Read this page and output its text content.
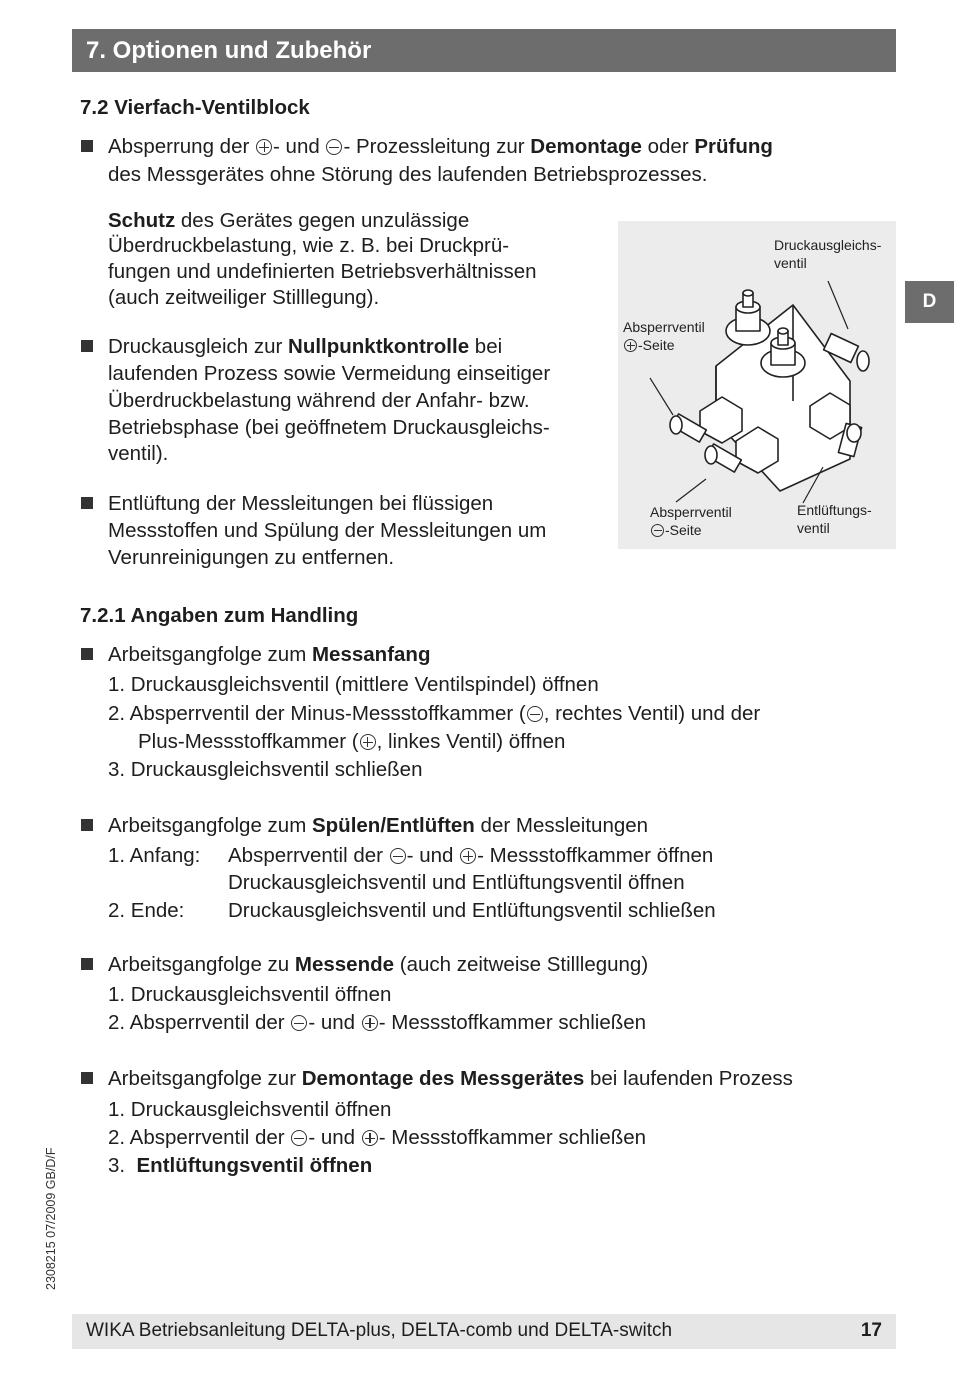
7. Optionen und Zubehör
D
2308215 07/2009 GB/D/F
7.2 Vierfach-Ventilblock
Absperrung der - und - Prozessleitung zur Demontage oder Prüfung
des Messgerätes ohne Störung des laufenden Betriebsprozesses.
Schutz des Gerätes gegen unzulässige
Überdruckbelastung, wie z. B. bei Druckprü-
fungen und undefinierten Betriebsverhältnissen
(auch zeitweiliger Stilllegung).
Druckausgleich zur Nullpunktkontrolle bei
laufenden Prozess sowie Vermeidung einseitiger
Überdruckbelastung während der Anfahr- bzw.
Betriebsphase (bei geöffnetem Druckausgleichs-
ventil).
Entlüftung der Messleitungen bei flüssigen
Messstoffen und Spülung der Messleitungen um
Verunreinigungen zu entfernen.
Druckausgleichs-
ventil
Absperrventil
-Seite
Absperrventil
-Seite
Entlüftungs-
ventil
7.2.1 Angaben zum Handling
Arbeitsgangfolge zum Messanfang
1. Druckausgleichsventil (mittlere Ventilspindel) öffnen
2. Absperrventil der Minus-Messstoffkammer ( , rechtes Ventil) und der
Plus-Messstoffkammer ( , linkes Ventil) öffnen
3. Druckausgleichsventil schließen
Arbeitsgangfolge zum Spülen/Entlüften der Messleitungen
1. Anfang: Absperrventil der - und - Messstoffkammer öffnen
Druckausgleichsventil und Entlüftungsventil öffnen
2. Ende: Druckausgleichsventil und Entlüftungsventil schließen
Arbeitsgangfolge zu Messende (auch zeitweise Stilllegung)
1. Druckausgleichsventil öffnen
2. Absperrventil der - und - Messstoffkammer schließen
Arbeitsgangfolge zur Demontage des Messgerätes bei laufenden Prozess
1. Druckausgleichsventil öffnen
2. Absperrventil der - und - Messstoffkammer schließen
3.  Entlüftungsventil öffnen
WIKA Betriebsanleitung DELTA-plus, DELTA-comb und DELTA-switch	17
